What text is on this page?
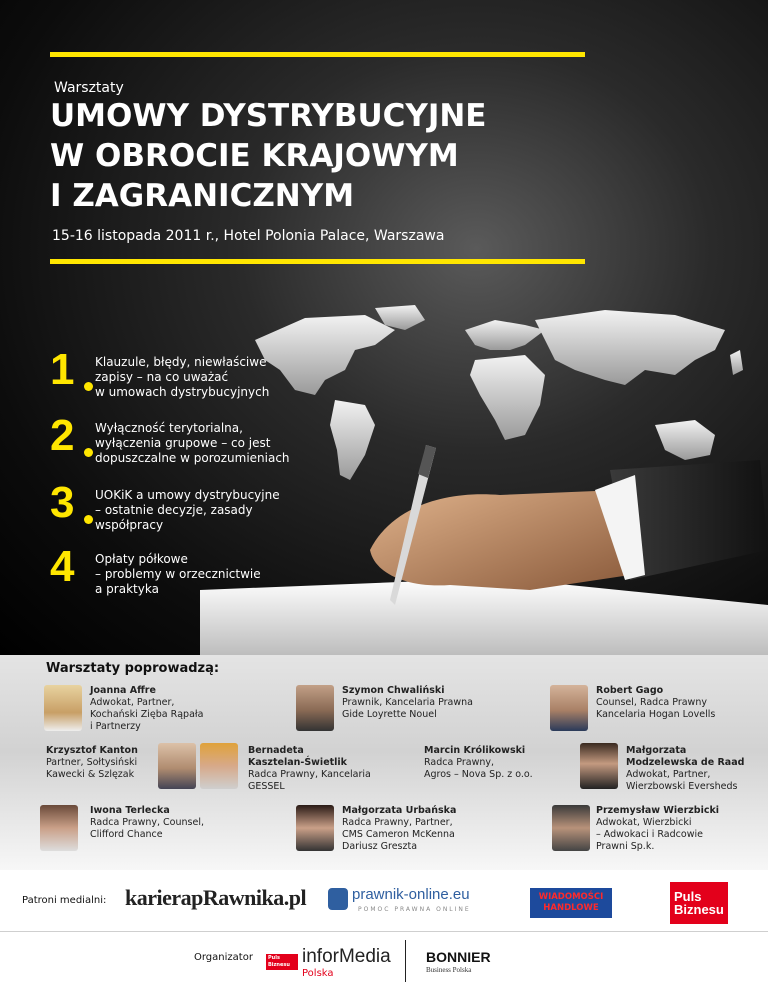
Warsztaty
UMOWY DYSTRYBUCYJNE
W OBROCIE KRAJOWYM
I ZAGRANICZNYM
15-16 listopada 2011 r., Hotel Polonia Palace, Warszawa
1 Klauzule, błędy, niewłaściwe
zapisy – na co uważać
w umowach dystrybucyjnych
2 Wyłączność terytorialna,
wyłączenia grupowe – co jest
dopuszczalne w porozumieniach
3 UOKiK a umowy dystrybucyjne
– ostatnie decyzje, zasady
współpracy
4 Opłaty półkowe
– problemy w orzecznictwie
a praktyka
Warsztaty poprowadzą:
Joanna Affre
Adwokat, Partner,
Kochański Zięba Rąpała
i Partnerzy
Szymon Chwaliński
Prawnik, Kancelaria Prawna
Gide Loyrette Nouel
Robert Gago
Counsel, Radca Prawny
Kancelaria Hogan Lovells
Krzysztof Kanton
Partner, Sołtysiński
Kawecki & Szlęzak
Bernadeta
Kasztelan-Świetlik
Radca Prawny, Kancelaria
GESSEL
Marcin Królikowski
Radca Prawny,
Agros – Nova Sp. z o.o.
Małgorzata
Modzelewska de Raad
Adwokat, Partner,
Wierzbowski Eversheds
Iwona Terlecka
Radca Prawny, Counsel,
Clifford Chance
Małgorzata Urbańska
Radca Prawny, Partner,
CMS Cameron McKenna
Dariusz Greszta
Przemysław Wierzbicki
Adwokat, Wierzbicki
– Adwokaci i Radcowie
Prawni Sp.k.
Patroni medialni: karierapRawnika.pl	prawnik-online.eu
POMOC PRAWNA ONLINE
WIADOMOŚCI
HANDLOWE
Puls
Biznesu
Organizator	Puls
Biznesu inforMedia
Polska
BONNIER
Business Polska
